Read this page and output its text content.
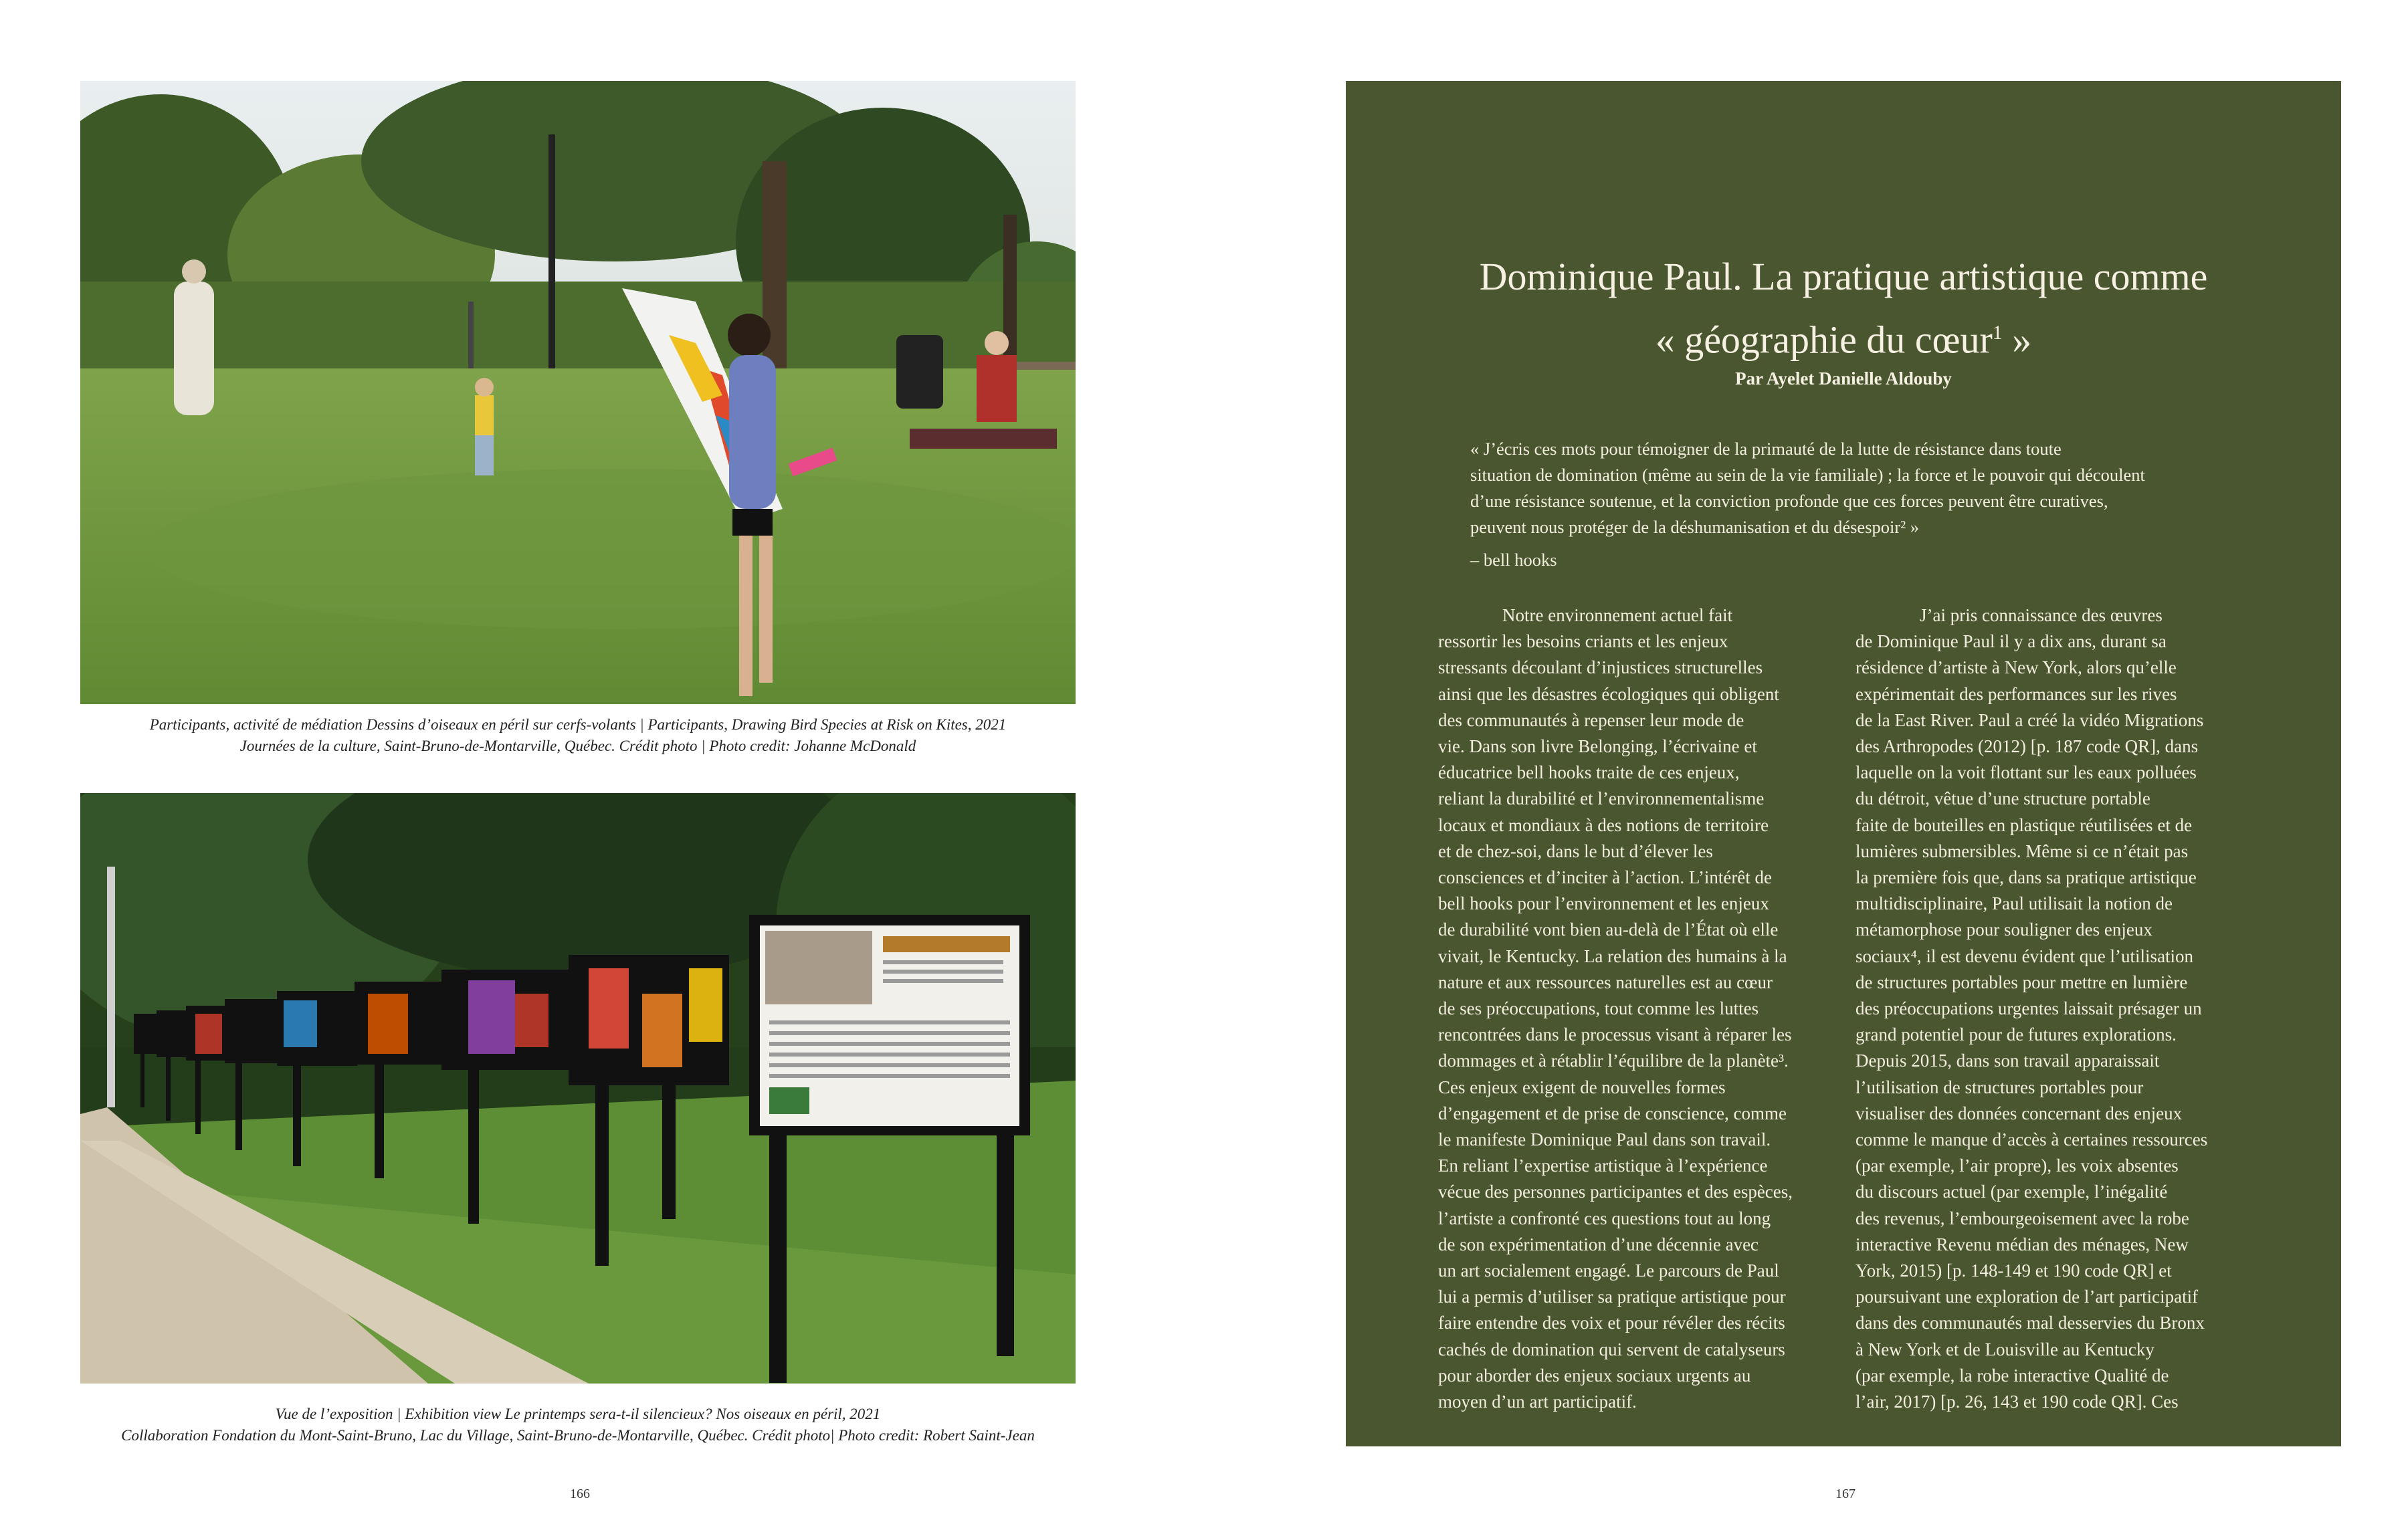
Participants, activité de médiation Dessins d’oiseaux en péril sur cerfs-volants | Participants, Drawing Bird Species at Risk on Kites, 2021
Journées de la culture, Saint-Bruno-de-Montarville, Québec. Crédit photo | Photo credit: Johanne McDonald
Vue de l’exposition | Exhibition view Le printemps sera-t-il silencieux? Nos oiseaux en péril, 2021
Collaboration Fondation du Mont-Saint-Bruno, Lac du Village, Saint-Bruno-de-Montarville, Québec. Crédit photo| Photo credit: Robert Saint-Jean
166
Dominique Paul. La pratique artistique comme
« géographie du cœur$^1$ »
Par Ayelet Danielle Aldouby
« J’écris ces mots pour témoigner de la primauté de la lutte de résistance dans toute
situation de domination (même au sein de la vie familiale) ; la force et le pouvoir qui découlent
d’une résistance soutenue, et la conviction profonde que ces forces peuvent être curatives,
peuvent nous protéger de la déshumanisation et du désespoir² »
– bell hooks
Notre environnement actuel fait
ressortir les besoins criants et les enjeux
stressants découlant d’injustices structurelles
ainsi que les désastres écologiques qui obligent
des communautés à repenser leur mode de
vie. Dans son livre Belonging, l’écrivaine et
éducatrice bell hooks traite de ces enjeux,
reliant la durabilité et l’environnementalisme
locaux et mondiaux à des notions de territoire
et de chez-soi, dans le but d’élever les
consciences et d’inciter à l’action. L’intérêt de
bell hooks pour l’environnement et les enjeux
de durabilité vont bien au-delà de l’État où elle
vivait, le Kentucky. La relation des humains à la
nature et aux ressources naturelles est au cœur
de ses préoccupations, tout comme les luttes
rencontrées dans le processus visant à réparer les
dommages et à rétablir l’équilibre de la planète³.
Ces enjeux exigent de nouvelles formes
d’engagement et de prise de conscience, comme
le manifeste Dominique Paul dans son travail.
En reliant l’expertise artistique à l’expérience
vécue des personnes participantes et des espèces,
l’artiste a confronté ces questions tout au long
de son expérimentation d’une décennie avec
un art socialement engagé. Le parcours de Paul
lui a permis d’utiliser sa pratique artistique pour
faire entendre des voix et pour révéler des récits
cachés de domination qui servent de catalyseurs
pour aborder des enjeux sociaux urgents au
moyen d’un art participatif.
J’ai pris connaissance des œuvres
de Dominique Paul il y a dix ans, durant sa
résidence d’artiste à New York, alors qu’elle
expérimentait des performances sur les rives
de la East River. Paul a créé la vidéo Migrations
des Arthropodes (2012) [p. 187 code QR], dans
laquelle on la voit flottant sur les eaux polluées
du détroit, vêtue d’une structure portable
faite de bouteilles en plastique réutilisées et de
lumières submersibles. Même si ce n’était pas
la première fois que, dans sa pratique artistique
multidisciplinaire, Paul utilisait la notion de
métamorphose pour souligner des enjeux
sociaux⁴, il est devenu évident que l’utilisation
de structures portables pour mettre en lumière
des préoccupations urgentes laissait présager un
grand potentiel pour de futures explorations.
Depuis 2015, dans son travail apparaissait
l’utilisation de structures portables pour
visualiser des données concernant des enjeux
comme le manque d’accès à certaines ressources
(par exemple, l’air propre), les voix absentes
du discours actuel (par exemple, l’inégalité
des revenus, l’embourgeoisement avec la robe
interactive Revenu médian des ménages, New
York, 2015) [p. 148-149 et 190 code QR] et
poursuivant une exploration de l’art participatif
dans des communautés mal desservies du Bronx
à New York et de Louisville au Kentucky
(par exemple, la robe interactive Qualité de
l’air, 2017) [p. 26, 143 et 190 code QR]. Ces
167
